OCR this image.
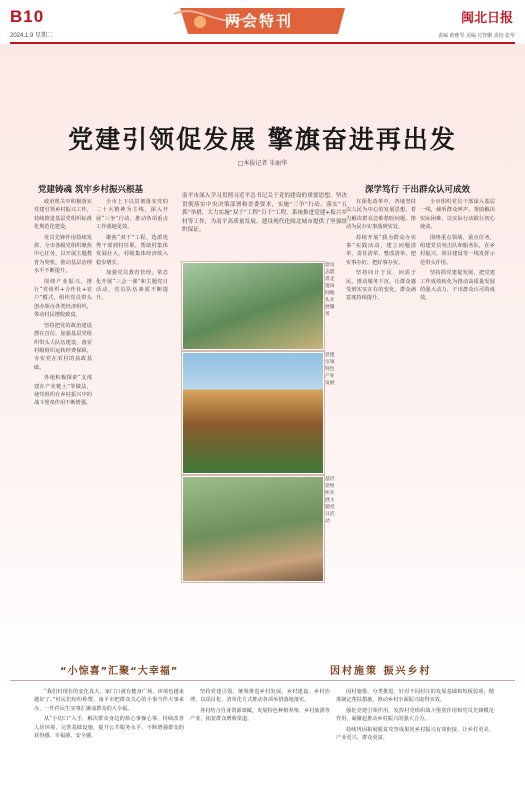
B10
2024.1.9 星期二
两会特刊	闽北日报
责编 黄雅琴 美编 付智鹏 责校 张华
党建引领促发展 擎旗奋进再出发
□本报记者 朱丽华
南平市深入学习贯彻习近平总书记关于党的建设的重要思想，坚决贯彻落实中央决策部署和省委要求，实施“三争”行动，落实“五抓”举措，大力实施“双千”工程“百千”工程，系统推进党建+振兴乡村等工作，为南平高质量发展、建设现代化闽北城市提供了坚强组织保证。
党建铸魂 筑牢乡村振兴根基	深学笃行 干出群众认可成效

政府机关中积极落实党建引领乡村振兴工作，持续推进基层党组织标准化规范化建设。

党员先锋作用持续发挥，全市各级党组织聚焦中心任务，以开展主题教育为契机，推动基层治理水平不断提升。

围绕产业振兴，推行“党组织+合作社+农户”模式，组织党员带头创办领办各类经济组织，带动村民增收致富。

坚持把党的政治建设摆在首位，加强基层党组织带头人队伍建设，落实村级组织运转经费保障，夯实党在农村的执政基础。

各地积极探索“支部建在产业链上”等做法，使党组织在乡村振兴中的战斗堡垒作用不断增强。

全市上下以贯彻落实党的二十大精神为主线，深入开展“三争”行动，推动各项重点工作落地见效。

聚焦“双千”工程，选派优秀干部到村任职，帮助村集体发展壮大，村级集体经济收入稳步增长。

加强党员教育管理，常态化开展“三会一课”和主题党日活动，党员队伍素质不断提升。

党员志愿者走进田间地头开展服务
党建引领特色产业发展
基层党组织开展主题党日活动

在深化改革中，各地坚持以人民为中心的发展思想，着力解决群众急难愁盼问题，推动为民办实事落到实处。

持续开展“我为群众办实事”实践活动，建立问题清单、责任清单、整改清单，把实事办好、把好事办实。

坚持问计于民、问需于民，推动服务下沉，让群众感受到实实在在的变化，群众满意度持续提升。

全市组织党员干部深入基层一线，倾听群众呼声，帮助解决实际困难，以实际行动践行初心使命。

围绕重点领域、重点任务，组建党员突击队和服务队，在乡村振兴、项目建设等一线发挥示范带头作用。

坚持抓党建促发展，把党建工作成效转化为推动高质量发展的强大动力，干出群众认可的成效。

“小惊喜”汇聚“大幸福”	因村施策 振兴乡村

“我们村现在的变化真大，家门口就有健身广场，环境也越来越好了。”村民们纷纷称赞。南平市把群众关心的小事当作大事来办，一件件民生实事汇聚成群众的大幸福。

从“小切口”入手，解决群众身边的烦心事操心事，持续改善人居环境，完善基础设施，提升公共服务水平，不断增强群众的获得感、幸福感、安全感。

坚持党建引领，统筹推进乡村发展、乡村建设、乡村治理，以项目化、清单化方式推动各项举措落地落实。

各村结合自身资源禀赋，发展特色种植养殖、乡村旅游等产业，拓宽群众增收渠道。

因村施策、分类推进，针对不同村庄的发展基础和短板弱项，精准制定帮扶措施，推动乡村全面振兴取得实效。

强化党建引领作用，发挥村党组织战斗堡垒作用和党员先锋模范作用，凝聚起推动乡村振兴的强大合力。

持续巩固拓展脱贫攻坚成果同乡村振兴有效衔接，让乡村更美、产业更兴、群众更富。
